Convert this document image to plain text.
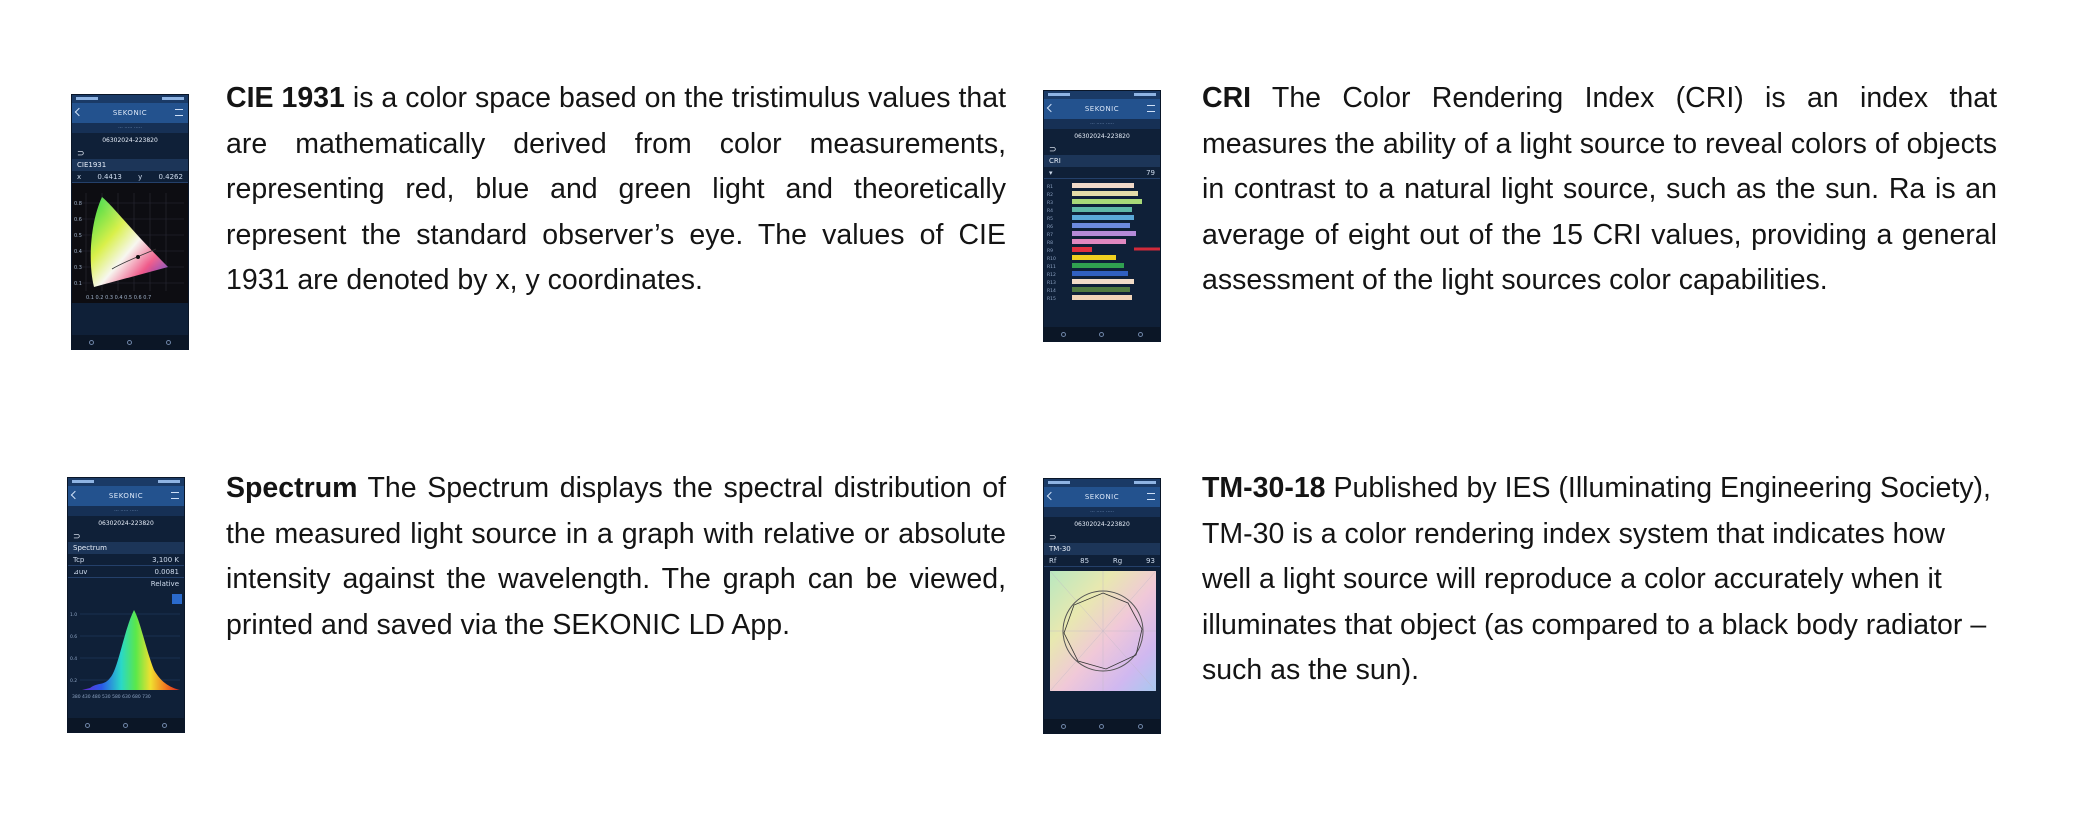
SEKONIC
··· ····· ·····
06302024-223820
⊃
CIE1931
x 0.4413 y 0.4262
0.8
0.6
0.5
0.4
0.3
0.1
0.1 0.2 0.3 0.4 0.5 0.6 0.7

CIE 1931 is a color space based on the tristimulus values that are mathematically derived from color measurements, representing red, blue and green light and theoretically represent the standard observer’s eye. The values of CIE 1931 are denoted by x, y coordinates.

SEKONIC
··· ····· ·····
06302024-223820
⊃
CRI
▾	79
R1
R2
R3
R4
R5
R6
R7
R8
R9
R10
R11
R12
R13
R14
R15

CRI The Color Rendering Index (CRI) is an index that measures the ability of a light source to reveal colors of objects in contrast to a natural light source, such as the sun. Ra is an average of eight out of the 15 CRI values, providing a general assessment of the light sources color capabilities.

SEKONIC
··· ····· ·····
06302024-223820
⊃
Spectrum
Tcp	3,100 K
⊿uv	0.0081
Relative
1.0
0.6
0.4
0.2
380 430 480 530 580 630 680 730

Spectrum The Spectrum displays the spectral distribution of the measured light source in a graph with relative or absolute intensity against the wavelength. The graph can be viewed, printed and saved via the SEKONIC LD App.

SEKONIC
··· ····· ·····
06302024-223820
⊃
TM-30
Rf	85	Rg	93

TM-30-18 Published by IES (Illuminating Engineering Society), TM-30 is a color rendering index system that indicates how well a light source will reproduce a color accurately when it illuminates that object (as compared to a black body radiator – such as the sun).
